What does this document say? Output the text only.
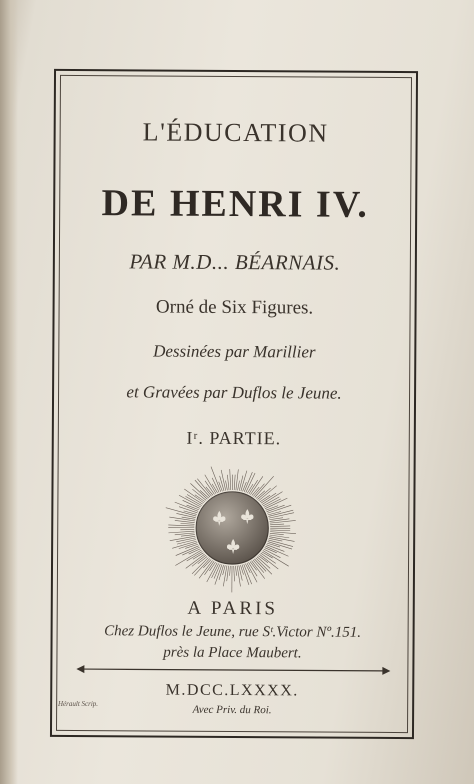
L'ÉDUCATION
DE HENRI IV.
PAR M.D... BÉARNAIS.
Orné de Six Figures.
Dessinées par Marillier
et Gravées par Duflos le Jeune.
Iʳ. PARTIE.
A PARIS
Chez Duflos le Jeune, rue Sᵗ.Victor Nº.151.
près la Place Maubert.
M.DCC.LXXXX.
Avec Priv. du Roi.
Hérault Scrip.
